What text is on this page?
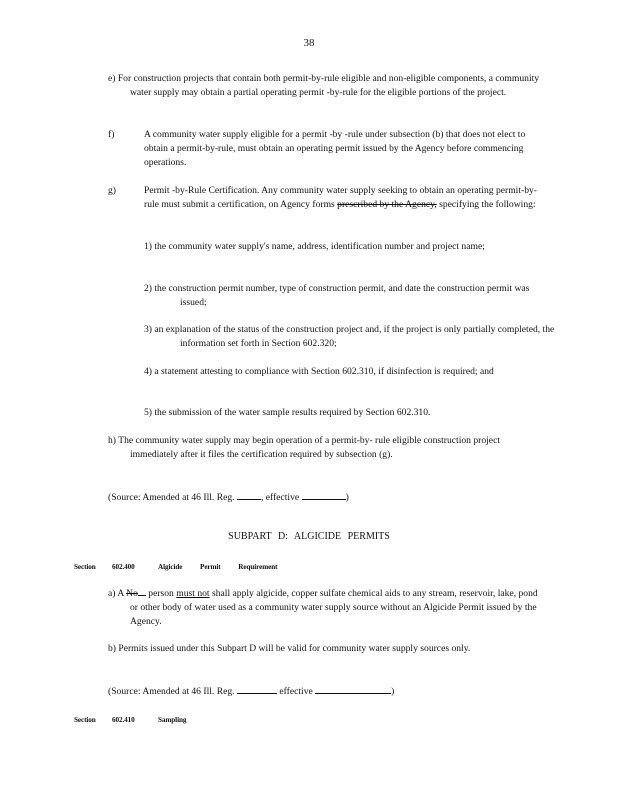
38

e) For construction projects that contain both permit-by-rule eligible and non-eligible components, a community water supply may obtain a partial operating permit -by-rule for the eligible portions of the project.

f)	A community water supply eligible for a permit -by -rule under subsection (b) that does not elect to obtain a permit-by-rule, must obtain an operating permit issued by the Agency before commencing operations.

g)	Permit -by-Rule Certification. Any community water supply seeking to obtain an operating permit-by- rule must submit a certification, on Agency forms prescribed by the Agency, specifying the following:

1) the community water supply's name, address, identification number and project name;

2) the construction permit number, type of construction permit, and date the construction permit was issued;

3) an explanation of the status of the construction project and, if the project is only partially completed, the information set forth in Section 602.320;

4) a statement attesting to compliance with Section 602.310, if disinfection is required; and

5) the submission of the water sample results required by Section 602.310.

h) The community water supply may begin operation of a permit-by- rule eligible construction project immediately after it files the certification required by subsection (g).

(Source: Amended at 46 Ill. Reg.	, effective	)
SUBPART D: ALGICIDE PERMITS
Section 602.400	Algicide Permit Requirement

a) A No person must not shall apply algicide, copper sulfate chemical aids to any stream, reservoir, lake, pond or other body of water used as a community water supply source without an Algicide Permit issued by the Agency.

b) Permits issued under this Subpart D will be valid for community water supply sources only.

(Source: Amended at 46 Ill. Reg.	effective	)
Section 602.410	Sampling
